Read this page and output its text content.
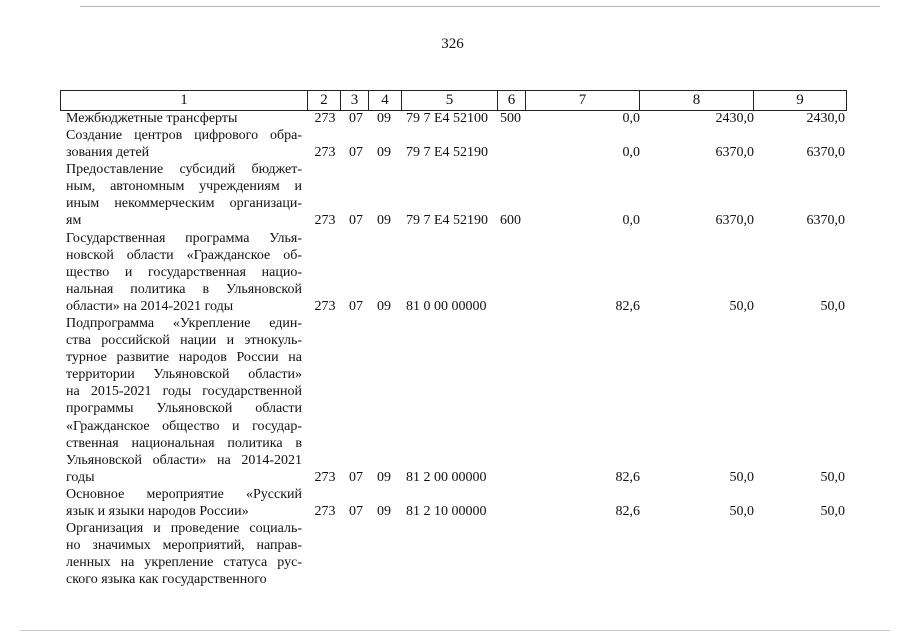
326
1	2	3	4	5	6	7	8	9
Межбюджетные трансферты	273 07	09	79 7 E4 52100 500	0,0	2430,0	2430,0
Создание центров цифрового обра-
зования детей	273 07	09	79 7 E4 52190	0,0	6370,0	6370,0
Предоставление субсидий бюджет-
ным, автономным учреждениям и
иным некоммерческим организаци-
ям	273 07	09	79 7 E4 52190 600	0,0	6370,0	6370,0
Государственная программа Улья-
новской области «Гражданское об-
щество и государственная нацио-
нальная политика в Ульяновской
области» на 2014-2021 годы	273 07	09	81 0 00 00000	82,6	50,0	50,0
Подпрограмма «Укрепление един-
ства российской нации и этнокуль-
турное развитие народов России на
территории Ульяновской области»
на 2015-2021 годы государственной
программы Ульяновской области
«Гражданское общество и государ-
ственная национальная политика в
Ульяновской области» на 2014-2021
годы	273 07	09	81 2 00 00000	82,6	50,0	50,0
Основное мероприятие «Русский
язык и языки народов России»	273 07	09	81 2 10 00000	82,6	50,0	50,0
Организация и проведение социаль-
но значимых мероприятий, направ-
ленных на укрепление статуса рус-
ского языка как государственного
